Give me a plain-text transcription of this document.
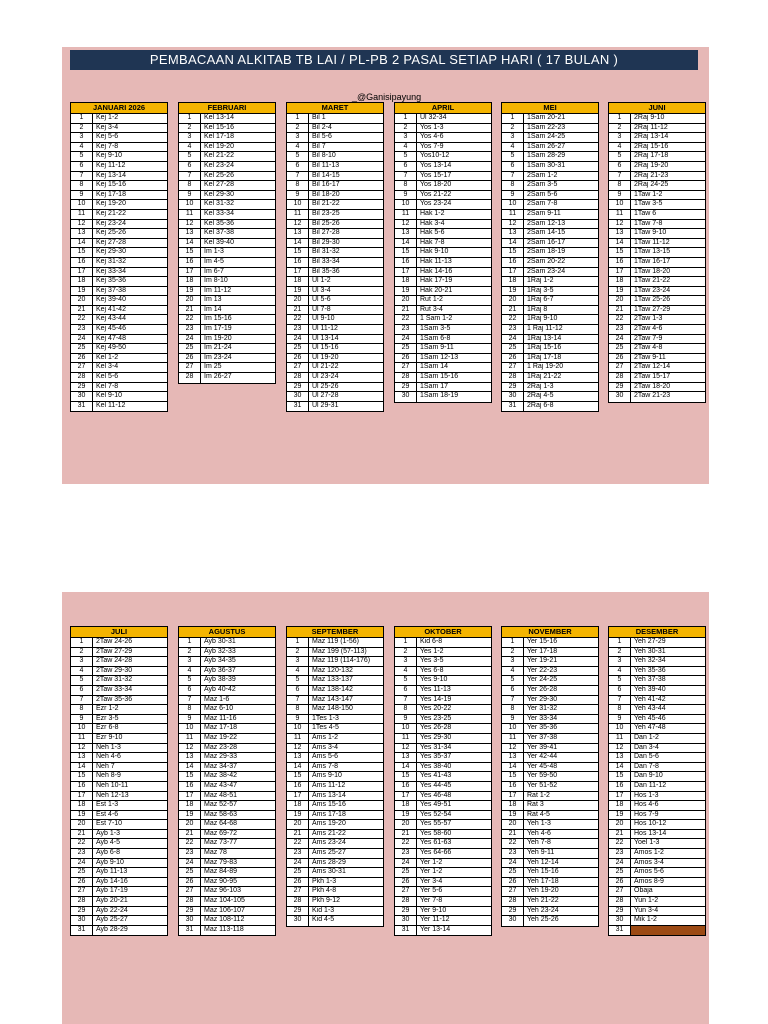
PEMBACAAN ALKITAB TB LAI / PL-PB 2 PASAL SETIAP HARI ( 17 BULAN )
_@Ganisipayung
JANUARI 2026
1	Kej 1-2
2	Kej 3-4
3	Kej 5-6
4	Kej 7-8
5	Kej 9-10
6	Kej 11-12
7	Kej 13-14
8	Kej 15-16
9	Kej 17-18
10	Kej 19-20
11	Kej 21-22
12	Kej 23-24
13	Kej 25-26
14	Kej 27-28
15	Kej 29-30
16	Kej 31-32
17	Kej 33-34
18	Kej 35-36
19	Kej 37-38
20	Kej 39-40
21	Kej 41-42
22	Kej 43-44
23	Kej 45-46
24	Kej 47-48
25	Kej 49-50
26	Kel 1-2
27	Kel 3-4
28	Kel 5-6
29	Kel 7-8
30	Kel 9-10
31	Kel 11-12
FEBRUARI
1	Kel 13-14
2	Kel 15-16
3	Kel 17-18
4	Kel 19-20
5	Kel 21-22
6	Kel 23-24
7	Kel 25-26
8	Kel 27-28
9	Kel 29-30
10	Kel 31-32
11	Kel 33-34
12	Kel 35-36
13	Kel 37-38
14	Kel 39-40
15	Im 1-3
16	Im 4-5
17	Im 6-7
18	Im 8-10
19	Im 11-12
20	Im 13
21	Im 14
22	Im 15-16
23	Im 17-19
24	Im 19-20
25	Im 21-24
26	Im 23-24
27	Im 25
28	Im 26-27
MARET
1	Bil 1
2	Bil 2-4
3	Bil 5-6
4	Bil 7
5	Bil 8-10
6	Bil 11-13
7	Bil 14-15
8	Bil 16-17
9	Bil 18-20
10	Bil 21-22
11	Bil 23-25
12	Bil 25-26
13	Bil 27-28
14	Bil 29-30
15	Bil 31-32
16	Bil 33-34
17	Bil 35-36
18	Ul 1-2
19	Ul 3-4
20	Ul 5-6
21	Ul 7-8
22	Ul 9-10
23	Ul 11-12
24	Ul 13-14
25	Ul 15-16
26	Ul 19-20
27	Ul 21-22
28	Ul 23-24
29	Ul 25-26
30	Ul 27-28
31	Ul 29-31
APRIL
1	Ul 32-34
2	Yos 1-3
3	Yos 4-6
4	Yos 7-9
5	Yos10-12
6	Yos 13-14
7	Yos 15-17
8	Yos 18-20
9	Yos 21-22
10	Yos 23-24
11	Hak 1-2
12	Hak 3-4
13	Hak 5-6
14	Hak 7-8
15	Hak 9-10
16	Hak 11-13
17	Hak 14-16
18	Hak 17-19
19	Hak 20-21
20	Rut 1-2
21	Rut 3-4
22	1 Sam 1-2
23	1Sam 3-5
24	1Sam 6-8
25	1Sam 9-11
26	1Sam 12-13
27	1Sam 14
28	1Sam 15-16
29	1Sam 17
30	1Sam 18-19
MEI
1	1Sam 20-21
2	1Sam 22-23
3	1Sam 24-25
4	1Sam 26-27
5	1Sam 28-29
6	1Sam 30-31
7	2Sam 1-2
8	2Sam 3-5
9	2Sam 5-6
10	2Sam 7-8
11	2Sam 9-11
12	2Sam 12-13
13	2Sam 14-15
14	2Sam 16-17
15	2Sam 18-19
16	2Sam 20-22
17	2Sam 23-24
18	1Raj 1-2
19	1Raj 3-5
20	1Raj 6-7
21	1Raj 8
22	1Raj 9-10
23	1 Raj 11-12
24	1Raj 13-14
25	1Raj 15-16
26	1Raj 17-18
27	1 Raj 19-20
28	1Raj 21-22
29	2Raj 1-3
30	2Raj 4-5
31	2Raj 6-8
JUNI
1	2Raj 9-10
2	2Raj 11-12
3	2Raj 13-14
4	2Raj 15-16
5	2Raj 17-18
6	2Raj 19-20
7	2Raj 21-23
8	2Raj 24-25
9	1Taw 1-2
10	1Taw 3-5
11	1Taw 6
12	1Taw 7-8
13	1Taw 9-10
14	1Taw 11-12
15	1Taw 13-15
16	1Taw 16-17
17	1Taw 18-20
18	1Taw 21-22
19	1Taw 23-24
20	1Taw 25-26
21	1Taw 27-29
22	2Taw 1-3
23	2Taw 4-6
24	2Taw 7-9
25	2Taw 4-8
26	2Taw 9-11
27	2Taw 12-14
28	2Taw 15-17
29	2Taw 18-20
30	2Taw 21-23
JULI
1	2Taw 24-26
2	2Taw 27-29
3	2Taw 24-28
4	2Taw 29-30
5	2Taw 31-32
6	2Taw 33-34
7	2Taw 35-36
8	Ezr 1-2
9	Ezr 3-5
10	Ezr 6-8
11	Ezr 9-10
12	Neh 1-3
13	Neh 4-6
14	Neh 7
15	Neh 8-9
16	Neh 10-11
17	Neh 12-13
18	Est 1-3
19	Est 4-6
20	Est 7-10
21	Ayb 1-3
22	Ayb 4-5
23	Ayb 6-8
24	Ayb 9-10
25	Ayb 11-13
26	Ayb 14-16
27	Ayb 17-19
28	Ayb 20-21
29	Ayb 22-24
30	Ayb 25-27
31	Ayb 28-29
AGUSTUS
1	Ayb 30-31
2	Ayb 32-33
3	Ayb 34-35
4	Ayb 36-37
5	Ayb 38-39
6	Ayb 40-42
7	Maz 1-6
8	Maz 6-10
9	Maz 11-16
10	Maz 17-18
11	Maz 19-22
12	Maz 23-28
13	Maz 29-33
14	Maz 34-37
15	Maz 38-42
16	Maz 43-47
17	Maz 48-51
18	Maz 52-57
19	Maz 58-63
20	Maz 64-68
21	Maz 69-72
22	Maz 73-77
23	Maz 78
24	Maz 79-83
25	Maz 84-89
26	Maz 90-95
27	Maz 96-103
28	Maz 104-105
29	Maz 106-107
30	Maz 108-112
31	Maz 113-118
SEPTEMBER
1	Maz 119 (1-56)
2	Maz 199 (57-113)
3	Maz 119 (114-176)
4	Maz 120-132
5	Maz 133-137
6	Maz 138-142
7	Maz 143-147
8	Maz 148-150
9	1Tes 1-3
10	1Tes 4-5
11	Ams 1-2
12	Ams 3-4
13	Ams 5-6
14	Ams 7-8
15	Ams 9-10
16	Ams 11-12
17	Ams 13-14
18	Ams 15-16
19	Ams 17-18
20	Ams 19-20
21	Ams 21-22
22	Ams 23-24
23	Ams 25-27
24	Ams 28-29
25	Ams 30-31
26	Pkh 1-3
27	Pkh 4-8
28	Pkh 9-12
29	Kid 1-3
30	Kid 4-5
OKTOBER
1	Kid 6-8
2	Yes 1-2
3	Yes 3-5
4	Yes 6-8
5	Yes 9-10
6	Yes 11-13
7	Yes 14-19
8	Yes 20-22
9	Yes 23-25
10	Yes 26-28
11	Yes 29-30
12	Yes 31-34
13	Yes 35-37
14	Yes 38-40
15	Yes 41-43
16	Yes 44-45
17	Yes 46-48
18	Yes 49-51
19	Yes 52-54
20	Yes 55-57
21	Yes 58-60
22	Yes 61-63
23	Yes 64-66
24	Yer 1-2
25	Yer 1-2
26	Yer 3-4
27	Yer 5-6
28	Yer 7-8
29	Yer 9-10
30	Yer 11-12
31	Yer 13-14
NOVEMBER
1	Yer 15-16
2	Yer 17-18
3	Yer 19-21
4	Yer 22-23
5	Yer 24-25
6	Yer 26-28
7	Yer 29-30
8	Yer 31-32
9	Yer 33-34
10	Yer 35-36
11	Yer 37-38
12	Yer 39-41
13	Yer 42-44
14	Yer 45-48
15	Yer 59-50
16	Yer 51-52
17	Rat 1-2
18	Rat 3
19	Rat 4-5
20	Yeh 1-3
21	Yeh 4-6
22	Yeh 7-8
23	Yeh 9-11
24	Yeh 12-14
25	Yeh 15-16
26	Yeh 17-18
27	Yeh 19-20
28	Yeh 21-22
29	Yeh 23-24
30	Yeh 25-26
DESEMBER
1	Yeh 27-29
2	Yeh 30-31
3	Yeh 32-34
4	Yeh 35-36
5	Yeh 37-38
6	Yeh 39-40
7	Yeh 41-42
8	Yeh 43-44
9	Yeh 45-46
10	Yeh 47-48
11	Dan 1-2
12	Dan 3-4
13	Dan 5-6
14	Dan 7-8
15	Dan 9-10
16	Dan 11-12
17	Hos 1-3
18	Hos 4-6
19	Hos 7-9
20	Hos 10-12
21	Hos 13-14
22	Yoel 1-3
23	Amos 1-2
24	Amos 3-4
25	Amos 5-6
26	Amos 8-9
27	Obaja
28	Yun 1-2
29	Yun 3-4
30	Mik 1-2
31
